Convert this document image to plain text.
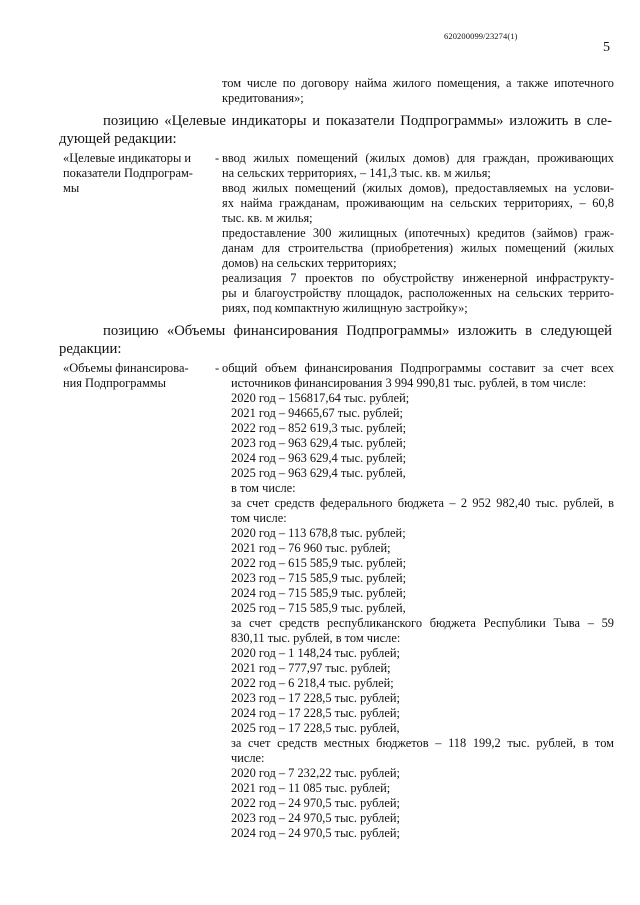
620200099/23274(1)
5
том числе по договору найма жилого помещения, а также ипотечного
кредитования»;
позицию «Целевые индикаторы и показатели Подпрограммы» изложить в сле-
дующей редакции:
«Целевые индикаторы и
показатели Подпрограм-
мы
- ввод жилых помещений (жилых домов) для граждан, проживающих
на сельских территориях, – 141,3 тыс. кв. м жилья;
ввод жилых помещений (жилых домов), предоставляемых на услови-
ях найма гражданам, проживающим на сельских территориях, – 60,8
тыс. кв. м жилья;
предоставление 300 жилищных (ипотечных) кредитов (займов) граж-
данам для строительства (приобретения) жилых помещений (жилых
домов) на сельских территориях;
реализация 7 проектов по обустройству инженерной инфраструкту-
ры и благоустройству площадок, расположенных на сельских террито-
риях, под компактную жилищную застройку»;
позицию «Объемы финансирования Подпрограммы» изложить в следующей
редакции:
«Объемы финансирова-
ния Подпрограммы
- общий объем финансирования Подпрограммы составит за счет всех
источников финансирования 3 994 990,81 тыс. рублей, в том числе:
2020 год – 156817,64 тыс. рублей;
2021 год – 94665,67 тыс. рублей;
2022 год – 852 619,3 тыс. рублей;
2023 год – 963 629,4 тыс. рублей;
2024 год – 963 629,4 тыс. рублей;
2025 год – 963 629,4 тыс. рублей,
в том числе:
за счет средств федерального бюджета – 2 952 982,40 тыс. рублей, в
том числе:
2020 год – 113 678,8 тыс. рублей;
2021 год – 76 960 тыс. рублей;
2022 год – 615 585,9 тыс. рублей;
2023 год – 715 585,9 тыс. рублей;
2024 год – 715 585,9 тыс. рублей;
2025 год – 715 585,9 тыс. рублей,
за счет средств республиканского бюджета Республики Тыва – 59
830,11 тыс. рублей, в том числе:
2020 год – 1 148,24 тыс. рублей;
2021 год – 777,97 тыс. рублей;
2022 год – 6 218,4 тыс. рублей;
2023 год – 17 228,5 тыс. рублей;
2024 год – 17 228,5 тыс. рублей;
2025 год – 17 228,5 тыс. рублей,
за счет средств местных бюджетов – 118 199,2 тыс. рублей, в том
числе:
2020 год – 7 232,22 тыс. рублей;
2021 год – 11 085 тыс. рублей;
2022 год – 24 970,5 тыс. рублей;
2023 год – 24 970,5 тыс. рублей;
2024 год – 24 970,5 тыс. рублей;
